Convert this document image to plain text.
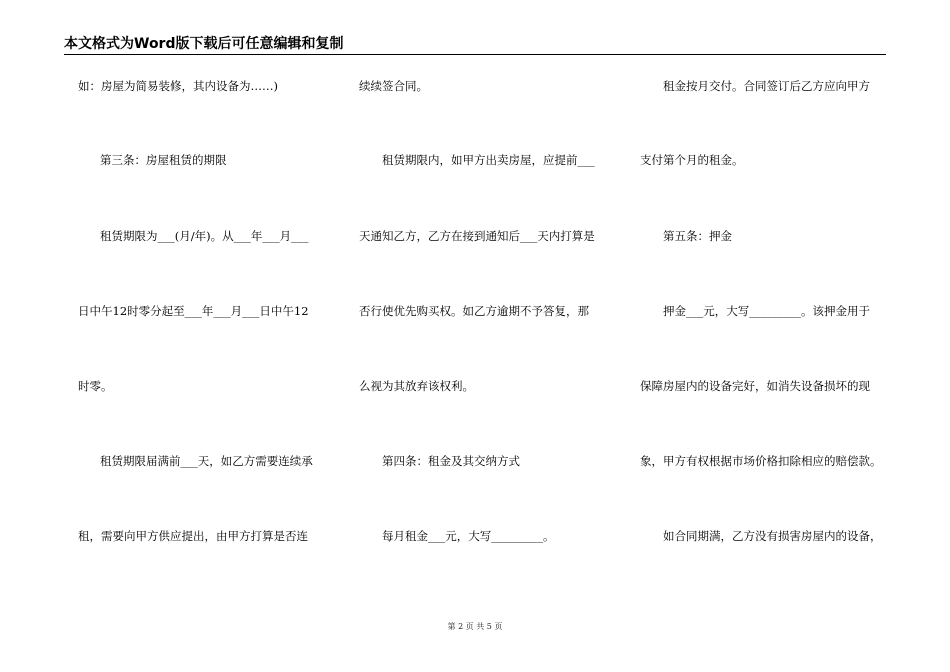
本文格式为Word版下载后可任意编辑和复制
如：房屋为简易装修，其内设备为……)
第三条：房屋租赁的期限
租赁期限为___(月/年)。从___年___月___
日中午12时零分起至___年___月___日中午12
时零。
租赁期限届满前___天，如乙方需要连续承
租，需要向甲方供应提出，由甲方打算是否连
续续签合同。
租赁期限内，如甲方出卖房屋，应提前___
天通知乙方，乙方在接到通知后___天内打算是
否行使优先购买权。如乙方逾期不予答复，那
么视为其放弃该权利。
第四条：租金及其交纳方式
每月租金___元，大写_________。
租金按月交付。合同签订后乙方应向甲方
支付第个月的租金。
第五条：押金
押金___元，大写_________。该押金用于
保障房屋内的设备完好，如消失设备损坏的现
象，甲方有权根据市场价格扣除相应的赔偿款。
如合同期满，乙方没有损害房屋内的设备，
第 2 页 共 5 页
